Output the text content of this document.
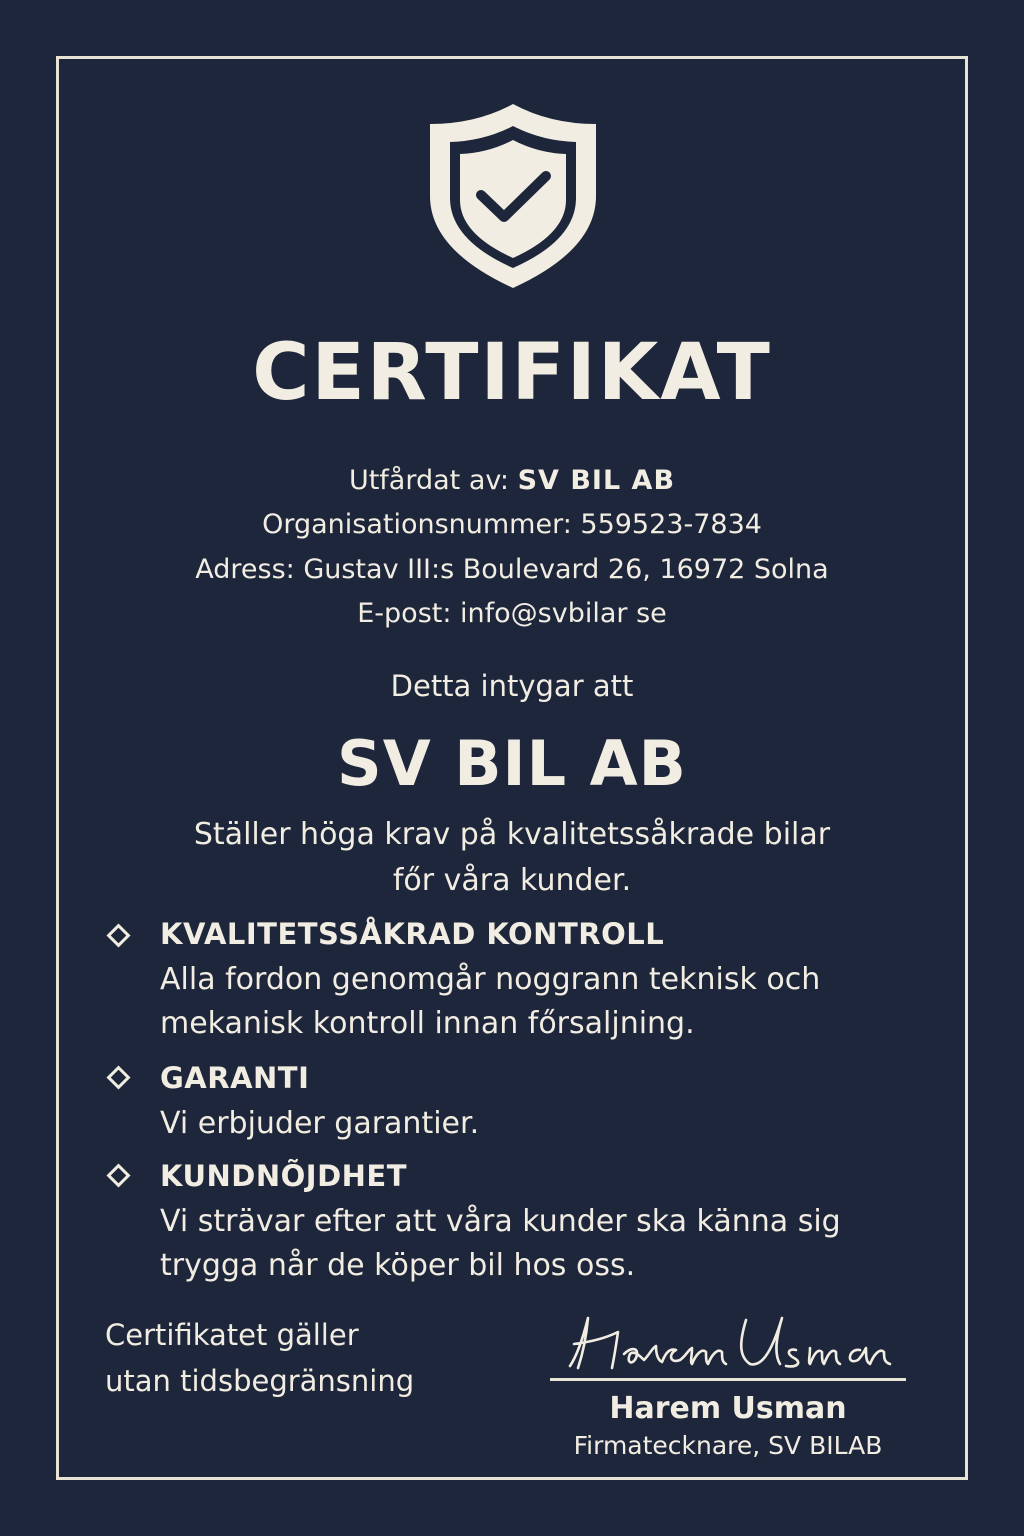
CERTIFIKAT
Utfårdat av: SV BIL AB
Organisationsnummer: 559523-7834
Adress: Gustav III:s Boulevard 26, 16972 Solna
E-post: info@svbilar se
Detta intygar att
SV BIL AB
Ställer höga krav på kvalitetssåkrade bilar
főr våra kunder.
KVALITETSSÅKRAD KONTROLL
Alla fordon genomgår noggrann teknisk och
mekanisk kontroll innan főrsaljning.
GARANTI
Vi erbjuder garantier.
KUNDNÕJDHET
Vi strävar efter att våra kunder ska känna sig
trygga når de köper bil hos oss.
Certifikatet gäller
utan tidsbegränsning
Harem Usman
Firmatecknare, SV BILAB
